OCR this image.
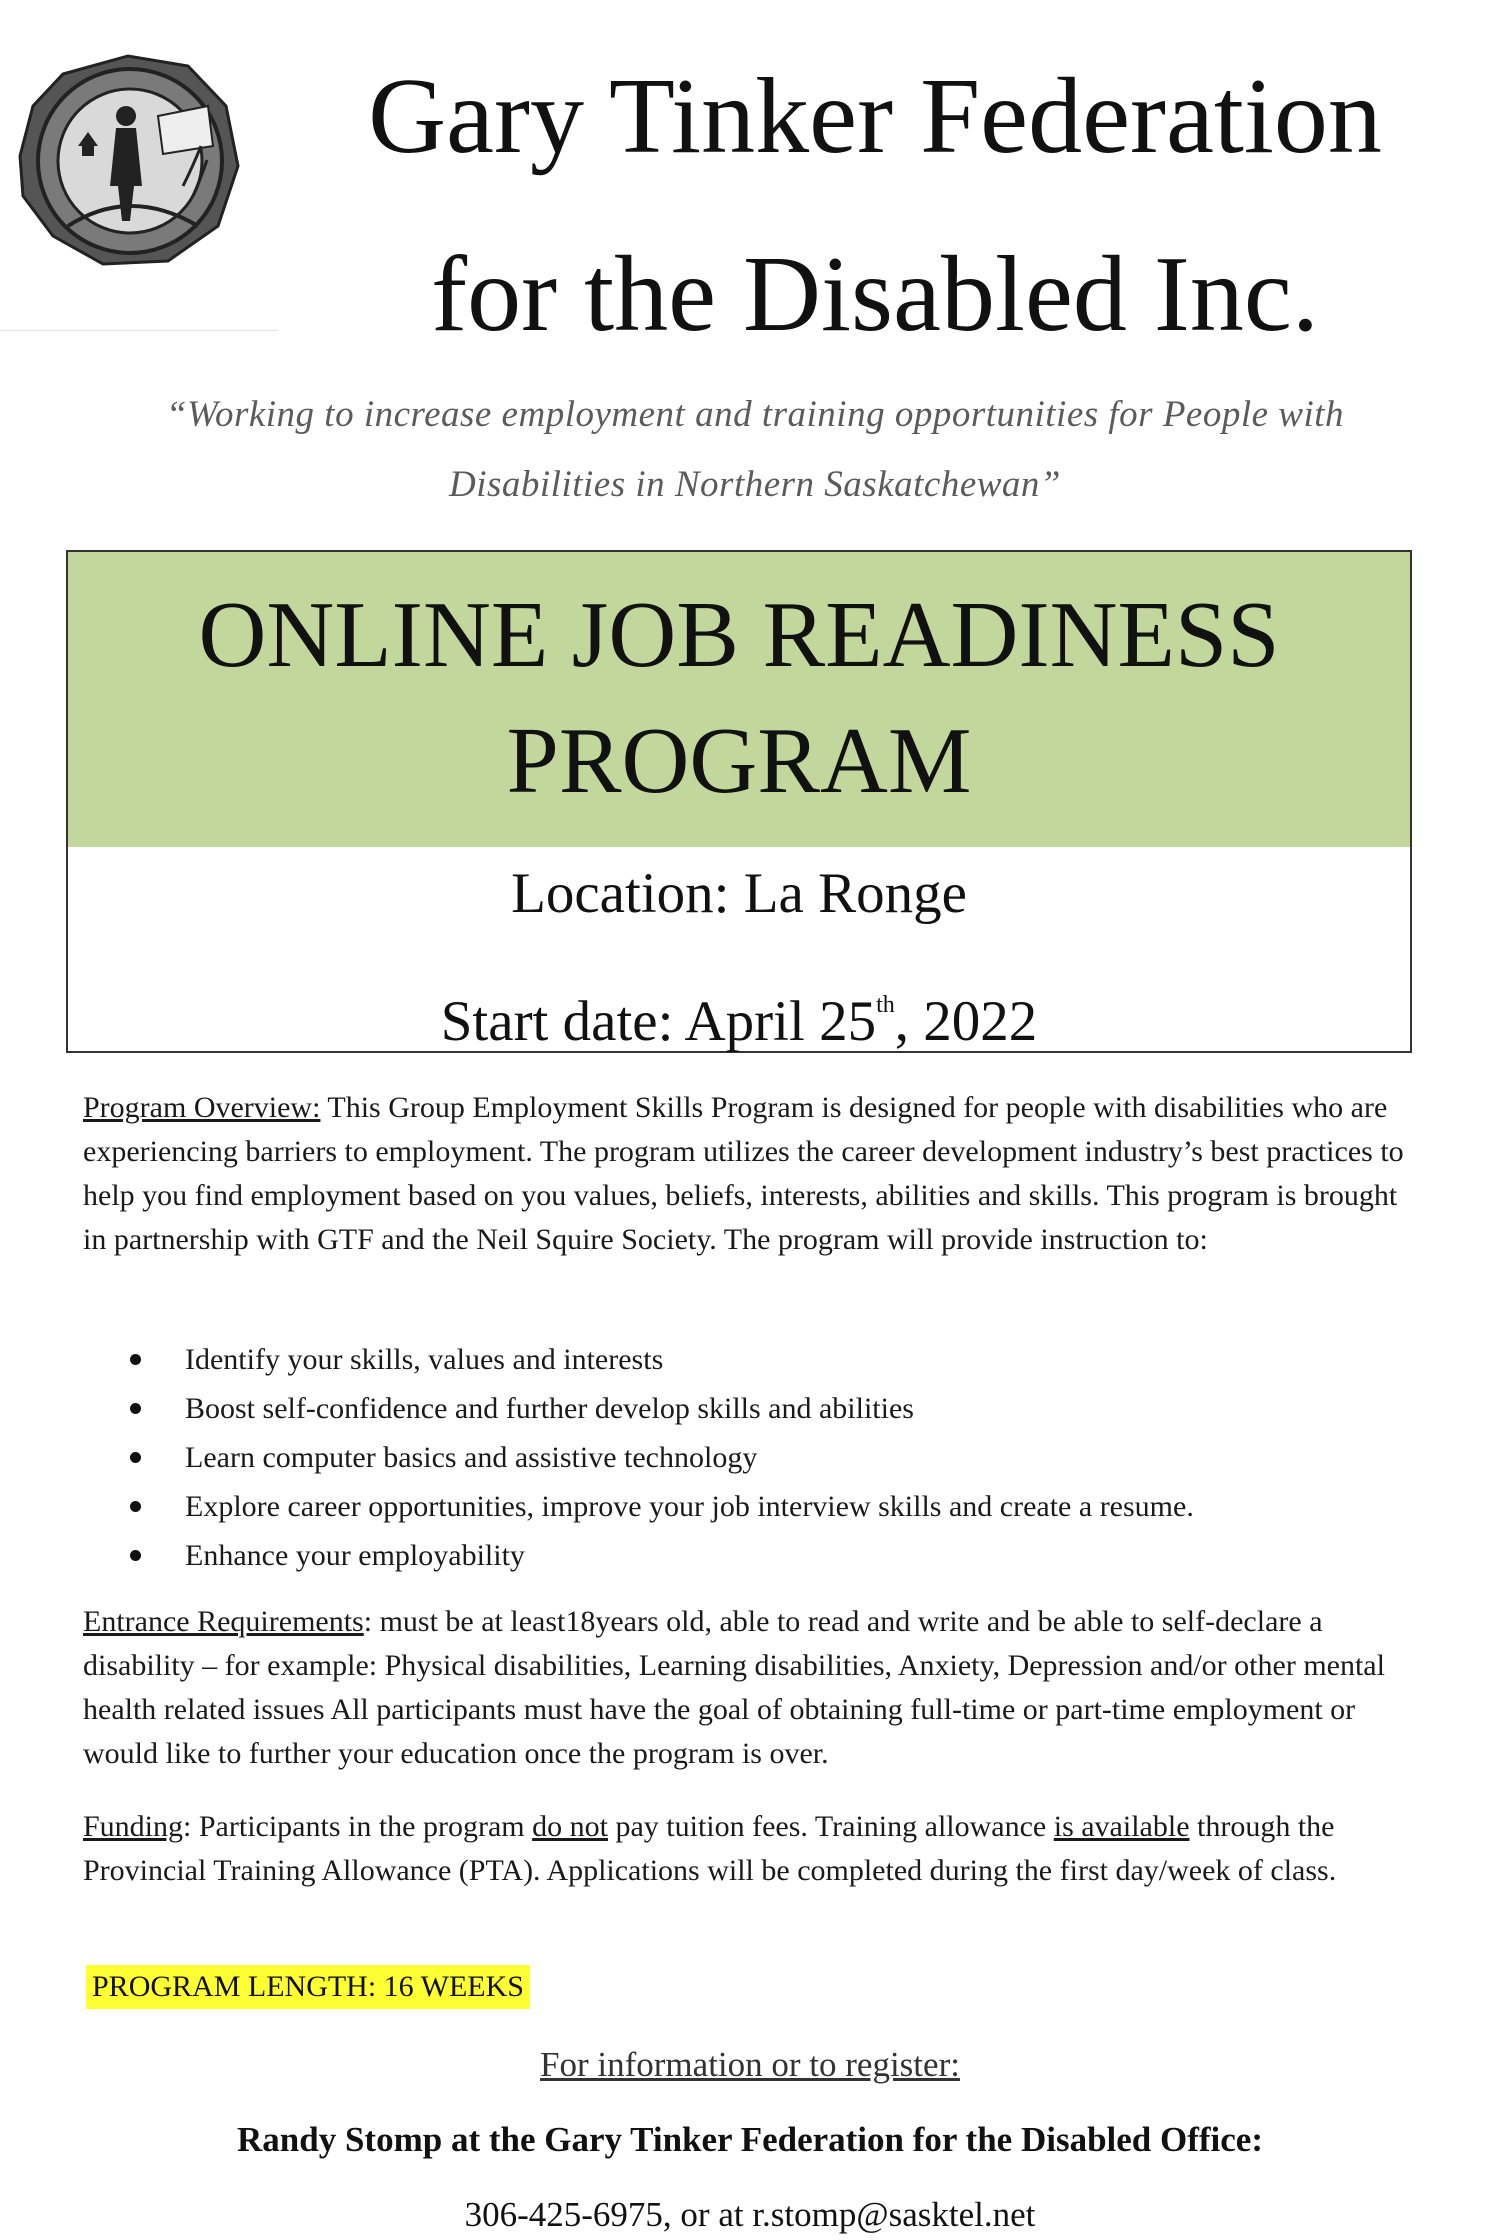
Gary Tinker Federation
for the Disabled Inc.
“Working to increase employment and training opportunities for People with
Disabilities in Northern Saskatchewan”
ONLINE JOB READINESS
PROGRAM
Location: La Ronge
Start date: April 25th, 2022
Program Overview: This Group Employment Skills Program is designed for people with disabilities who are experiencing barriers to employment. The program utilizes the career development industry’s best practices to help you find employment based on you values, beliefs, interests, abilities and skills. This program is brought in partnership with GTF and the Neil Squire Society. The program will provide instruction to:
Identify your skills, values and interests
Boost self-confidence and further develop skills and abilities
Learn computer basics and assistive technology
Explore career opportunities, improve your job interview skills and create a resume.
Enhance your employability
Entrance Requirements: must be at least18years old, able to read and write and be able to self-declare a disability – for example: Physical disabilities, Learning disabilities, Anxiety, Depression and/or other mental health related issues All participants must have the goal of obtaining full-time or part-time employment or would like to further your education once the program is over.
Funding: Participants in the program do not pay tuition fees. Training allowance is available through the Provincial Training Allowance (PTA). Applications will be completed during the first day/week of class.
PROGRAM LENGTH: 16 WEEKS
For information or to register:
Randy Stomp at the Gary Tinker Federation for the Disabled Office:
306-425-6975, or at r.stomp@sasktel.net
